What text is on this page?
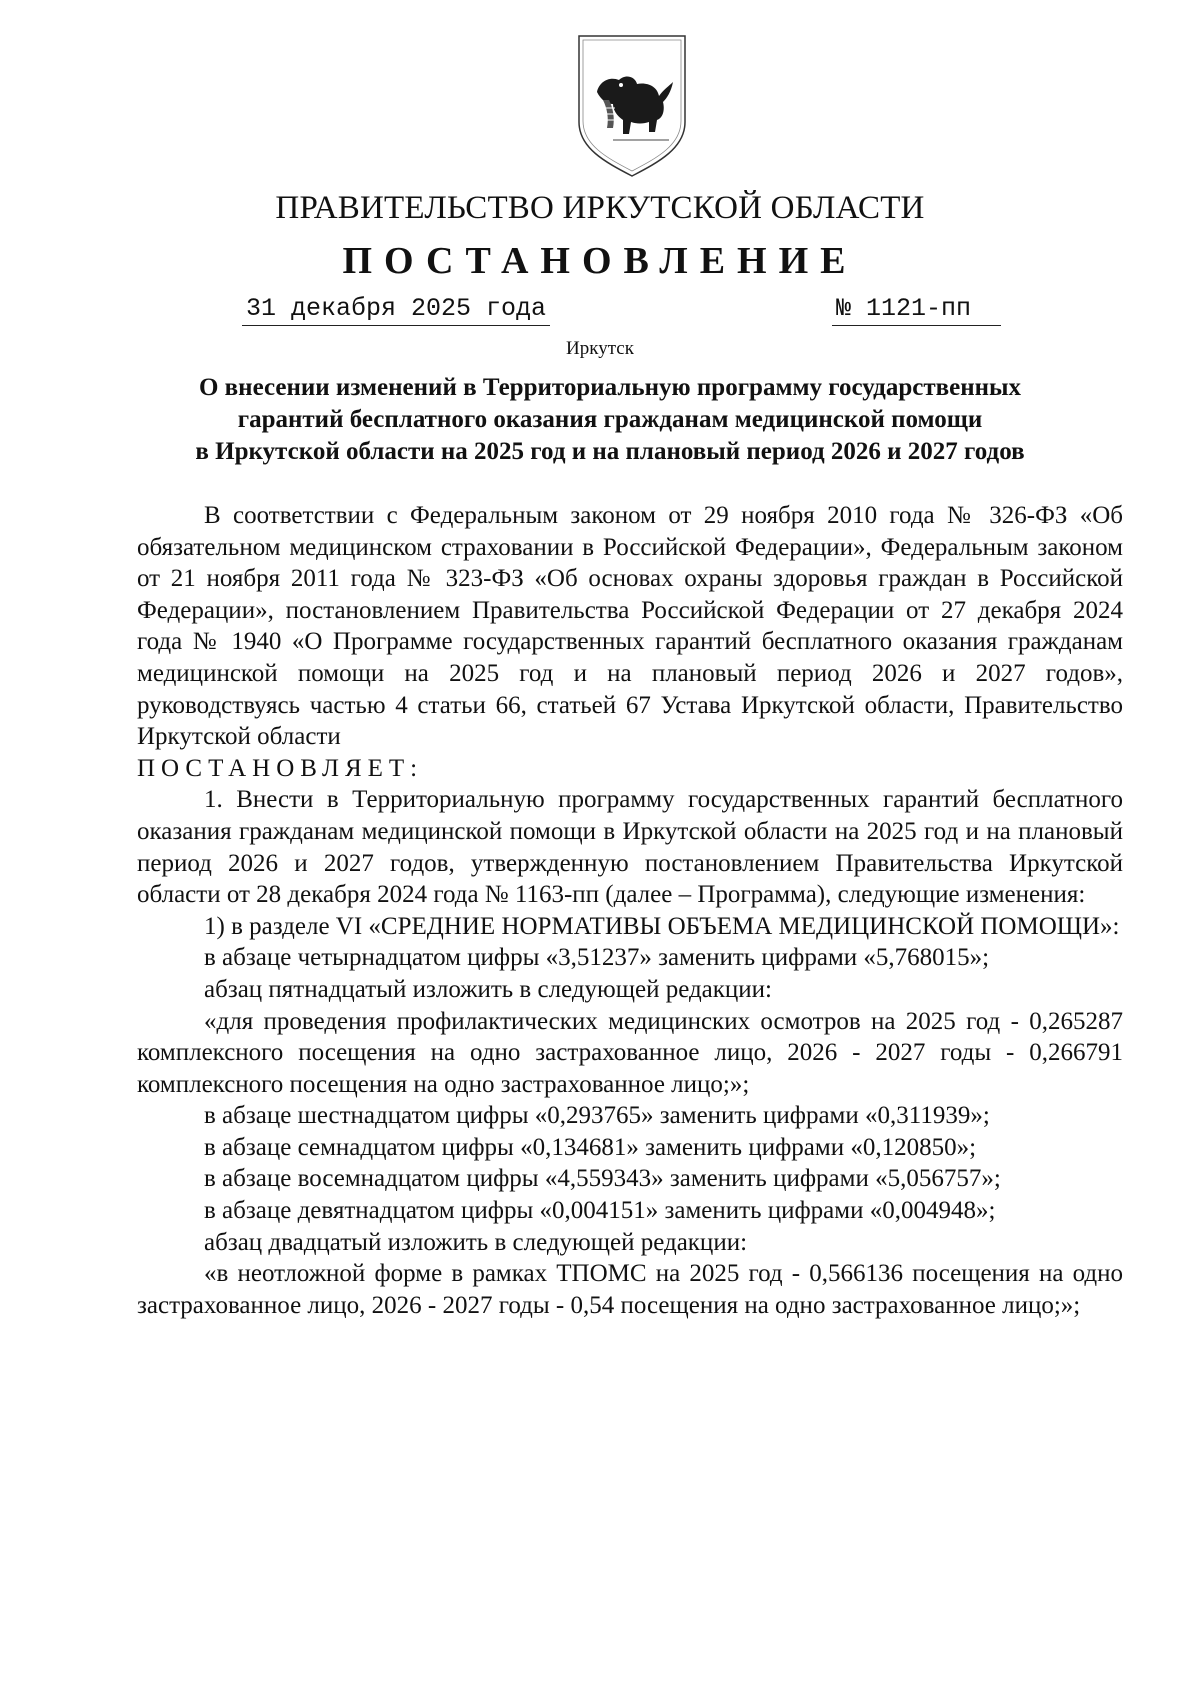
ПРАВИТЕЛЬСТВО ИРКУТСКОЙ ОБЛАСТИ
ПОСТАНОВЛЕНИЕ
31 декабря 2025 года	№ 1121-пп
Иркутск
О внесении изменений в Территориальную программу государственных
гарантий бесплатного оказания гражданам медицинской помощи
в Иркутской области на 2025 год и на плановый период 2026 и 2027 годов

В соответствии с Федеральным законом от 29 ноября 2010 года № 326-ФЗ «Об обязательном медицинском страховании в Российской Федерации», Федеральным законом от 21 ноября 2011 года № 323-ФЗ «Об основах охраны здоровья граждан в Российской Федерации», постановлением Правительства Российской Федерации от 27 декабря 2024 года № 1940 «О Программе государственных гарантий бесплатного оказания гражданам медицинской помощи на 2025 год и на плановый период 2026 и 2027 годов», руководствуясь частью 4 статьи 66, статьей 67 Устава Иркутской области, Правительство Иркутской области

ПОСТАНОВЛЯЕТ:

1. Внести в Территориальную программу государственных гарантий бесплатного оказания гражданам медицинской помощи в Иркутской области на 2025 год и на плановый период 2026 и 2027 годов, утвержденную постановлением Правительства Иркутской области от 28 декабря 2024 года № 1163-пп (далее – Программа), следующие изменения:

1) в разделе VI «СРЕДНИЕ НОРМАТИВЫ ОБЪЕМА МЕДИЦИНСКОЙ ПОМОЩИ»:

в абзаце четырнадцатом цифры «3,51237» заменить цифрами «5,768015»;

абзац пятнадцатый изложить в следующей редакции:

«для проведения профилактических медицинских осмотров на 2025 год - 0,265287 комплексного посещения на одно застрахованное лицо, 2026 - 2027 годы - 0,266791 комплексного посещения на одно застрахованное лицо;»;

в абзаце шестнадцатом цифры «0,293765» заменить цифрами «0,311939»;

в абзаце семнадцатом цифры «0,134681» заменить цифрами «0,120850»;

в абзаце восемнадцатом цифры «4,559343» заменить цифрами «5,056757»;

в абзаце девятнадцатом цифры «0,004151» заменить цифрами «0,004948»;

абзац двадцатый изложить в следующей редакции:

«в неотложной форме в рамках ТПОМС на 2025 год - 0,566136 посещения на одно застрахованное лицо, 2026 - 2027 годы - 0,54 посещения на одно застрахованное лицо;»;
